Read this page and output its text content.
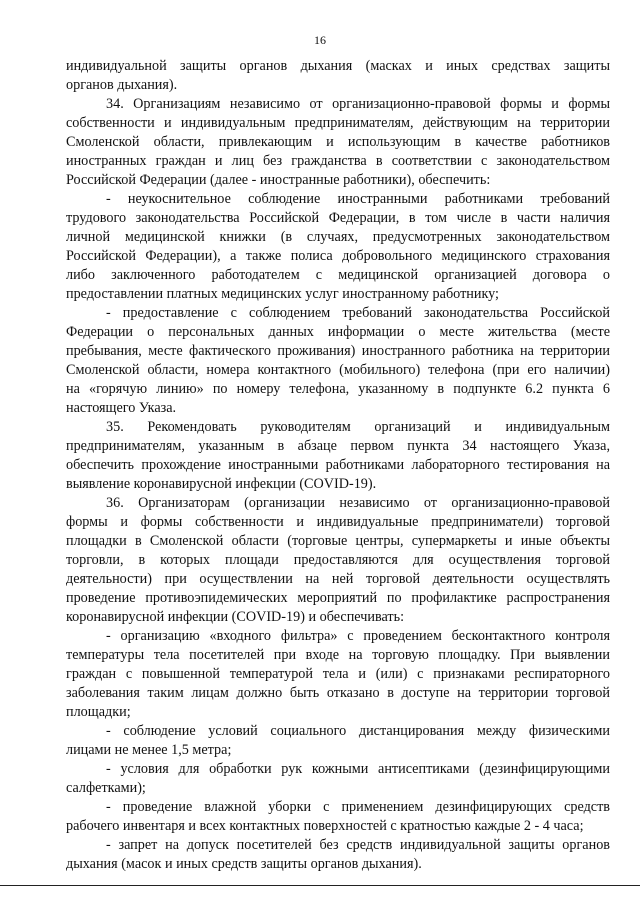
16
индивидуальной защиты органов дыхания (масках и иных средствах защиты
органов дыхания).
34. Организациям независимо от организационно-правовой формы и формы
собственности и индивидуальным предпринимателям, действующим на территории
Смоленской области, привлекающим и использующим в качестве работников
иностранных граждан и лиц без гражданства в соответствии с законодательством
Российской Федерации (далее - иностранные работники), обеспечить:
- неукоснительное соблюдение иностранными работниками требований
трудового законодательства Российской Федерации, в том числе в части наличия
личной медицинской книжки (в случаях, предусмотренных законодательством
Российской Федерации), а также полиса добровольного медицинского страхования
либо заключенного работодателем с медицинской организацией договора о
предоставлении платных медицинских услуг иностранному работнику;
- предоставление с соблюдением требований законодательства Российской
Федерации о персональных данных информации о месте жительства (месте
пребывания, месте фактического проживания) иностранного работника на территории
Смоленской области, номера контактного (мобильного) телефона (при его наличии)
на «горячую линию» по номеру телефона, указанному в подпункте 6.2 пункта 6
настоящего Указа.
35. Рекомендовать руководителям организаций и индивидуальным
предпринимателям, указанным в абзаце первом пункта 34 настоящего Указа,
обеспечить прохождение иностранными работниками лабораторного тестирования на
выявление коронавирусной инфекции (COVID-19).
36. Организаторам (организации независимо от организационно-правовой
формы и формы собственности и индивидуальные предприниматели) торговой
площадки в Смоленской области (торговые центры, супермаркеты и иные объекты
торговли, в которых площади предоставляются для осуществления торговой
деятельности) при осуществлении на ней торговой деятельности осуществлять
проведение противоэпидемических мероприятий по профилактике распространения
коронавирусной инфекции (COVID-19) и обеспечивать:
- организацию «входного фильтра» с проведением бесконтактного контроля
температуры тела посетителей при входе на торговую площадку. При выявлении
граждан с повышенной температурой тела и (или) с признаками респираторного
заболевания таким лицам должно быть отказано в доступе на территории торговой
площадки;
- соблюдение условий социального дистанцирования между физическими
лицами не менее 1,5 метра;
- условия для обработки рук кожными антисептиками (дезинфицирующими
салфетками);
- проведение влажной уборки с применением дезинфицирующих средств
рабочего инвентаря и всех контактных поверхностей с кратностью каждые 2 - 4 часа;
- запрет на допуск посетителей без средств индивидуальной защиты органов
дыхания (масок и иных средств защиты органов дыхания).
